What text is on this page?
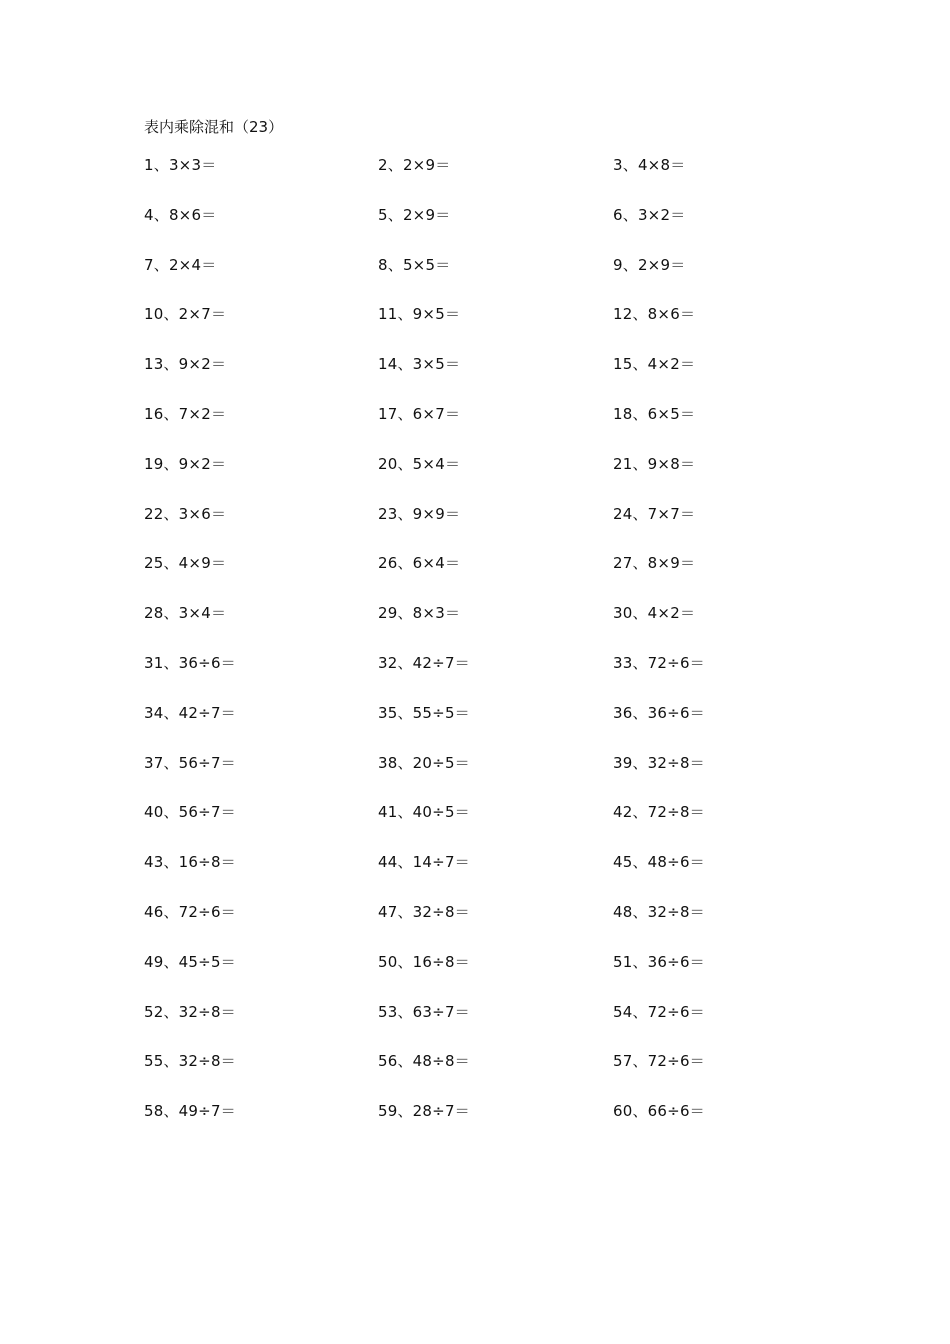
表内乘除混和（23）
1、3×3＝	2、2×9＝	3、4×8＝
4、8×6＝	5、2×9＝	6、3×2＝
7、2×4＝	8、5×5＝	9、2×9＝
10、2×7＝	11、9×5＝	12、8×6＝
13、9×2＝	14、3×5＝	15、4×2＝
16、7×2＝	17、6×7＝	18、6×5＝
19、9×2＝	20、5×4＝	21、9×8＝
22、3×6＝	23、9×9＝	24、7×7＝
25、4×9＝	26、6×4＝	27、8×9＝
28、3×4＝	29、8×3＝	30、4×2＝
31、36÷6＝	32、42÷7＝	33、72÷6＝
34、42÷7＝	35、55÷5＝	36、36÷6＝
37、56÷7＝	38、20÷5＝	39、32÷8＝
40、56÷7＝	41、40÷5＝	42、72÷8＝
43、16÷8＝	44、14÷7＝	45、48÷6＝
46、72÷6＝	47、32÷8＝	48、32÷8＝
49、45÷5＝	50、16÷8＝	51、36÷6＝
52、32÷8＝	53、63÷7＝	54、72÷6＝
55、32÷8＝	56、48÷8＝	57、72÷6＝
58、49÷7＝	59、28÷7＝	60、66÷6＝
